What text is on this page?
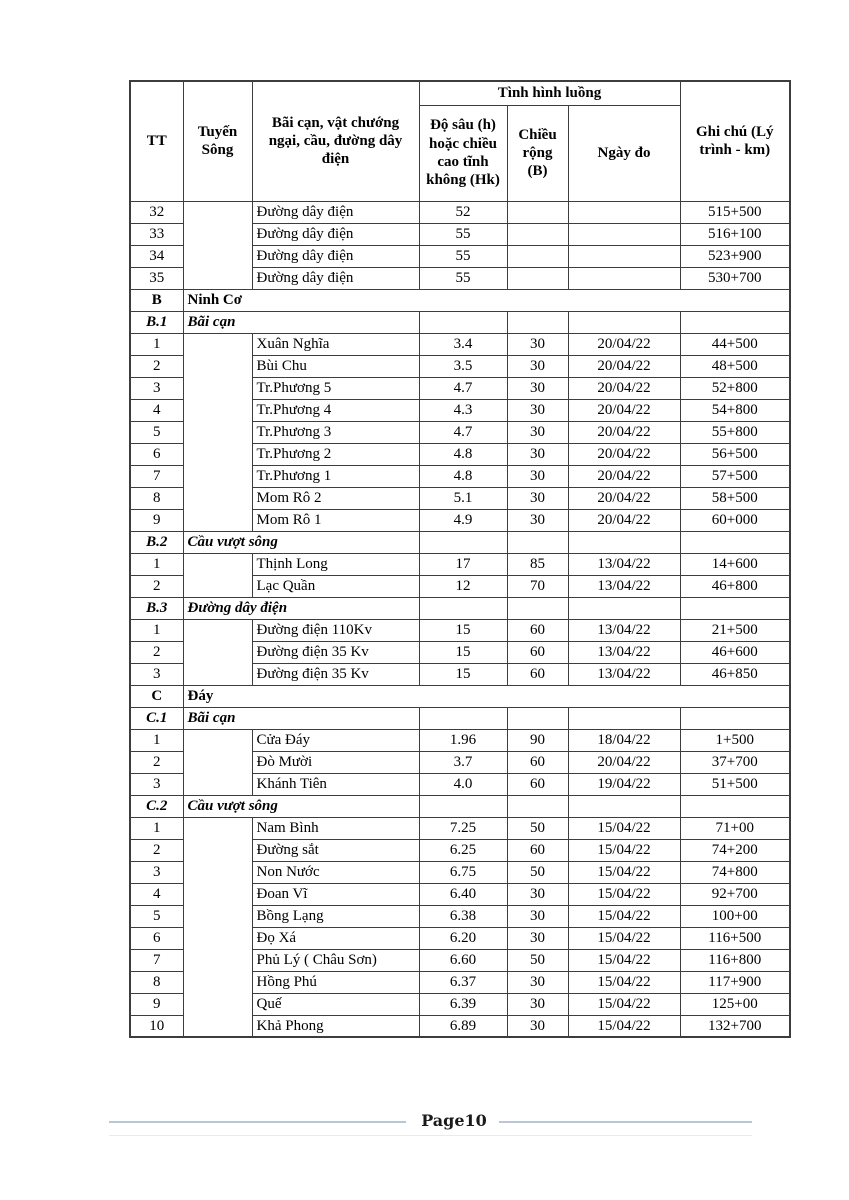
TT	Tuyến Sông	Bãi cạn, vật chướng ngại, cầu, đường dây điện	Tình hình luồng			Ghi chú (Lý trình - km)
			Độ sâu (h) hoặc chiều cao tĩnh không (Hk)	Chiều rộng (B)	Ngày đo	
32		Đường dây điện	52			515+500
33		Đường dây điện	55			516+100
34		Đường dây điện	55			523+900
35		Đường dây điện	55			530+700
B	Ninh Cơ					
B.1	Bãi cạn					
1		Xuân Nghĩa	3.4	30	20/04/22	44+500
2		Bùi Chu	3.5	30	20/04/22	48+500
3		Tr.Phương 5	4.7	30	20/04/22	52+800
4		Tr.Phương 4	4.3	30	20/04/22	54+800
5		Tr.Phương 3	4.7	30	20/04/22	55+800
6		Tr.Phương 2	4.8	30	20/04/22	56+500
7		Tr.Phương 1	4.8	30	20/04/22	57+500
8		Mom Rô 2	5.1	30	20/04/22	58+500
9		Mom Rô 1	4.9	30	20/04/22	60+000
B.2	Cầu vượt sông					
1		Thịnh Long	17	85	13/04/22	14+600
2		Lạc Quần	12	70	13/04/22	46+800
B.3	Đường dây điện					
1		Đường điện 110Kv	15	60	13/04/22	21+500
2		Đường điện 35 Kv	15	60	13/04/22	46+600
3		Đường điện 35 Kv	15	60	13/04/22	46+850
C	Đáy					
C.1	Bãi cạn					
1		Cửa Đáy	1.96	90	18/04/22	1+500
2		Đò Mười	3.7	60	20/04/22	37+700
3		Khánh Tiên	4.0	60	19/04/22	51+500
C.2	Cầu vượt sông					
1		Nam Bình	7.25	50	15/04/22	71+00
2		Đường sắt	6.25	60	15/04/22	74+200
3		Non Nước	6.75	50	15/04/22	74+800
4		Đoan Vĩ	6.40	30	15/04/22	92+700
5		Bồng Lạng	6.38	30	15/04/22	100+00
6		Đọ Xá	6.20	30	15/04/22	116+500
7		Phủ Lý ( Châu Sơn)	6.60	50	15/04/22	116+800
8		Hồng Phú	6.37	30	15/04/22	117+900
9		Quế	6.39	30	15/04/22	125+00
10		Khả Phong	6.89	30	15/04/22	132+700
Page10
